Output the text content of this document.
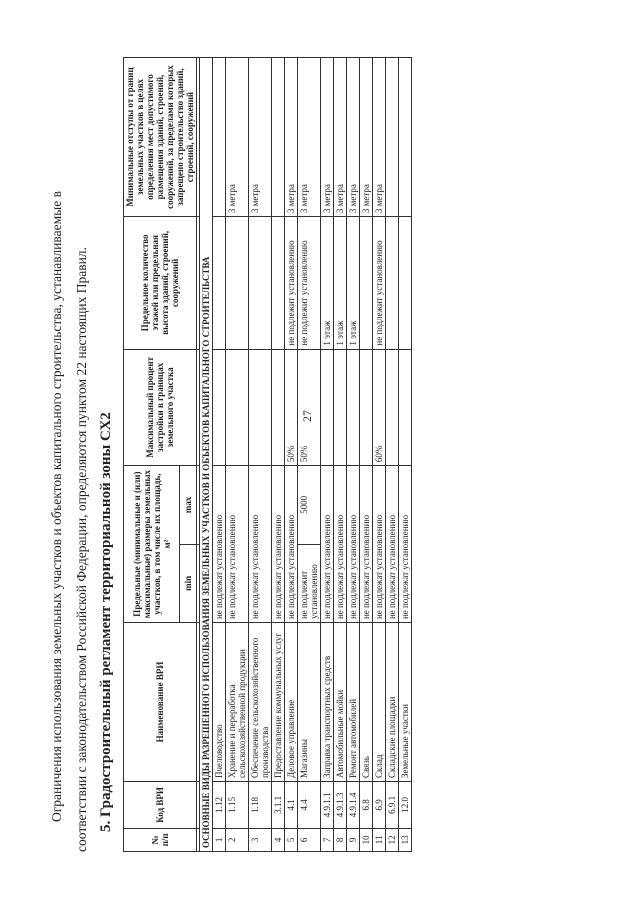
27

Ограничения использования земельных участков и объектов капитального строительства, устанавливаемые в соответствии с законодательством Российской Федерации, определяются пунктом 22 настоящих Правил. 5. Градостроительный регламент территориальной зоны СХ2
№ п/п	Код ВРИ	Наименование ВРИ	Предельные (минимальные и (или) максимальные) размеры земельных участков, в том числе их площадь, м²		Максимальный процент застройки в границах земельного участка	Предельное количество этажей или предельная высота зданий, строений, сооружений	Минимальные отступы от границ земельных участков в целях определения мест допустимого размещения зданий, строений, сооружений, за пределами которых запрещено строительство зданий, строений, сооружений
			min	max			

ОСНОВНЫЕ ВИДЫ РАЗРЕШЕННОГО ИСПОЛЬЗОВАНИЯ ЗЕМЕЛЬНЫХ УЧАСТКОВ И ОБЪЕКТОВ КАПИТАЛЬНОГО СТРОИТЕЛЬСТВА							
1	1.12	Пчеловодство	не подлежат установлению				
2	1.15	Хранение и переработка сельскохозяйственной продукции	не подлежат установлению				3 метра
3	1.18	Обеспечение сельскохозяйственного производства	не подлежат установлению				3 метра
4	3.1.1	Предоставление коммунальных услуг	не подлежат установлению				
5	4.1	Деловое управление	не подлежат установлению		50%	не подлежит установлению	3 метра
6	4.4	Магазины	не подлежит установлению	5000	50%	не подлежит установлению	3 метра
7	4.9.1.1	Заправка транспортных средств	не подлежат установлению			1 этаж	3 метра
8	4.9.1.3	Автомобильные мойки	не подлежат установлению			1 этаж	3 метра
9	4.9.1.4	Ремонт автомобилей	не подлежат установлению			1 этаж	3 метра
10	6.8	Связь	не подлежат установлению				3 метра
11	6.9	Склад	не подлежат установлению		60%	не подлежит установлению	3 метра
12	6.9.1	Складские площадки	не подлежат установлению				
13	12.0	Земельные участки	не подлежат установлению				
